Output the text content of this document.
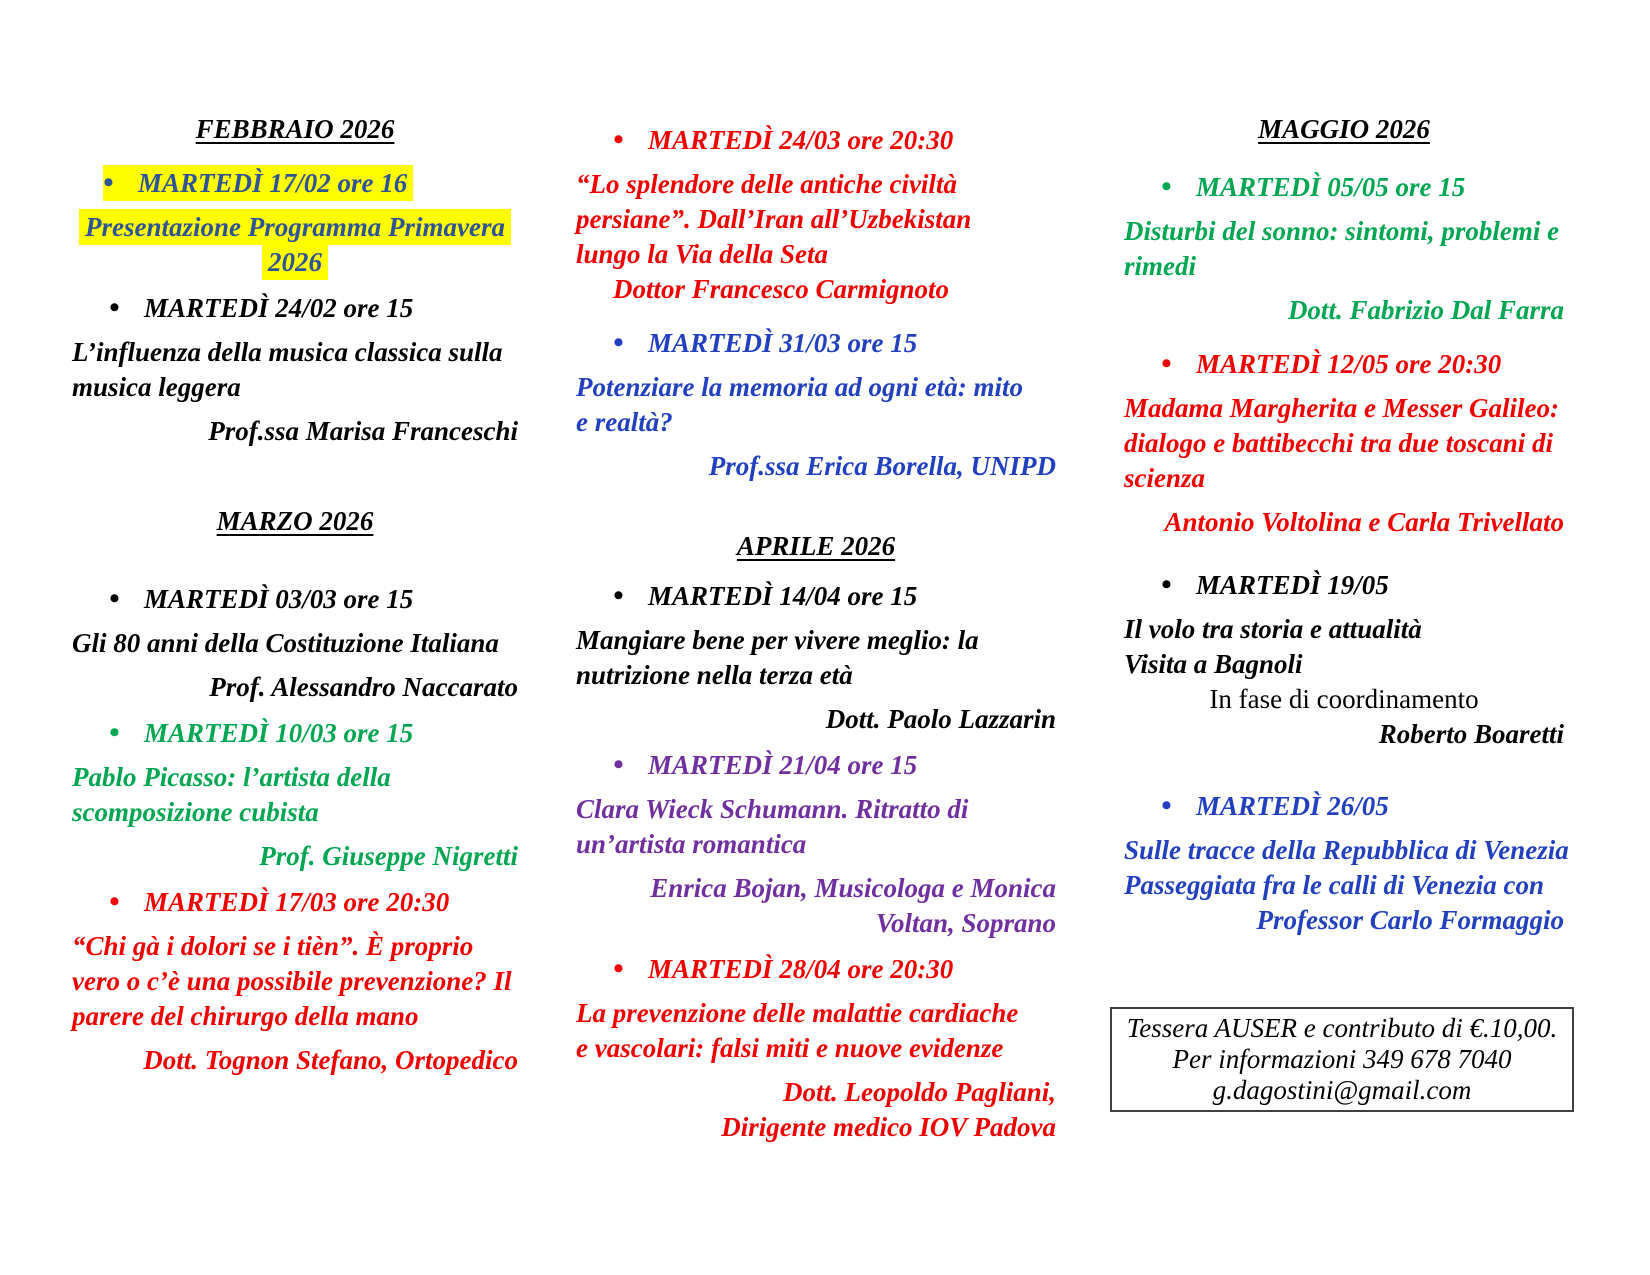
FEBBRAIO 2026
• MARTEDÌ 17/02 ore 16
Presentazione Programma Primavera
2026
• MARTEDÌ 24/02 ore 15
L’influenza della musica classica sulla
musica leggera
Prof.ssa Marisa Franceschi
MARZO 2026
• MARTEDÌ 03/03 ore 15
Gli 80 anni della Costituzione Italiana
Prof. Alessandro Naccarato
• MARTEDÌ 10/03 ore 15
Pablo Picasso: l’artista della
scomposizione cubista
Prof. Giuseppe Nigretti
• MARTEDÌ 17/03 ore 20:30
“Chi gà i dolori se i tièn”. È proprio
vero o c’è una possibile prevenzione? Il
parere del chirurgo della mano
Dott. Tognon Stefano, Ortopedico
• MARTEDÌ 24/03 ore 20:30
“Lo splendore delle antiche civiltà
persiane”. Dall’Iran all’Uzbekistan
lungo la Via della Seta
Dottor Francesco Carmignoto
• MARTEDÌ 31/03 ore 15
Potenziare la memoria ad ogni età: mito
e realtà?
Prof.ssa Erica Borella, UNIPD
APRILE 2026
• MARTEDÌ 14/04 ore 15
Mangiare bene per vivere meglio: la
nutrizione nella terza età
Dott. Paolo Lazzarin
• MARTEDÌ 21/04 ore 15
Clara Wieck Schumann. Ritratto di
un’artista romantica
Enrica Bojan, Musicologa e Monica
Voltan, Soprano
• MARTEDÌ 28/04 ore 20:30
La prevenzione delle malattie cardiache
e vascolari: falsi miti e nuove evidenze
Dott. Leopoldo Pagliani,
Dirigente medico IOV Padova
MAGGIO 2026
• MARTEDÌ 05/05 ore 15
Disturbi del sonno: sintomi, problemi e
rimedi
Dott. Fabrizio Dal Farra
• MARTEDÌ 12/05 ore 20:30
Madama Margherita e Messer Galileo:
dialogo e battibecchi tra due toscani di
scienza
Antonio Voltolina e Carla Trivellato
• MARTEDÌ 19/05
Il volo tra storia e attualità
Visita a Bagnoli
In fase di coordinamento
Roberto Boaretti
• MARTEDÌ 26/05
Sulle tracce della Repubblica di Venezia
Passeggiata fra le calli di Venezia con
Professor Carlo Formaggio
Tessera AUSER e contributo di €.10,00.
Per informazioni 349 678 7040
g.dagostini@gmail.com
